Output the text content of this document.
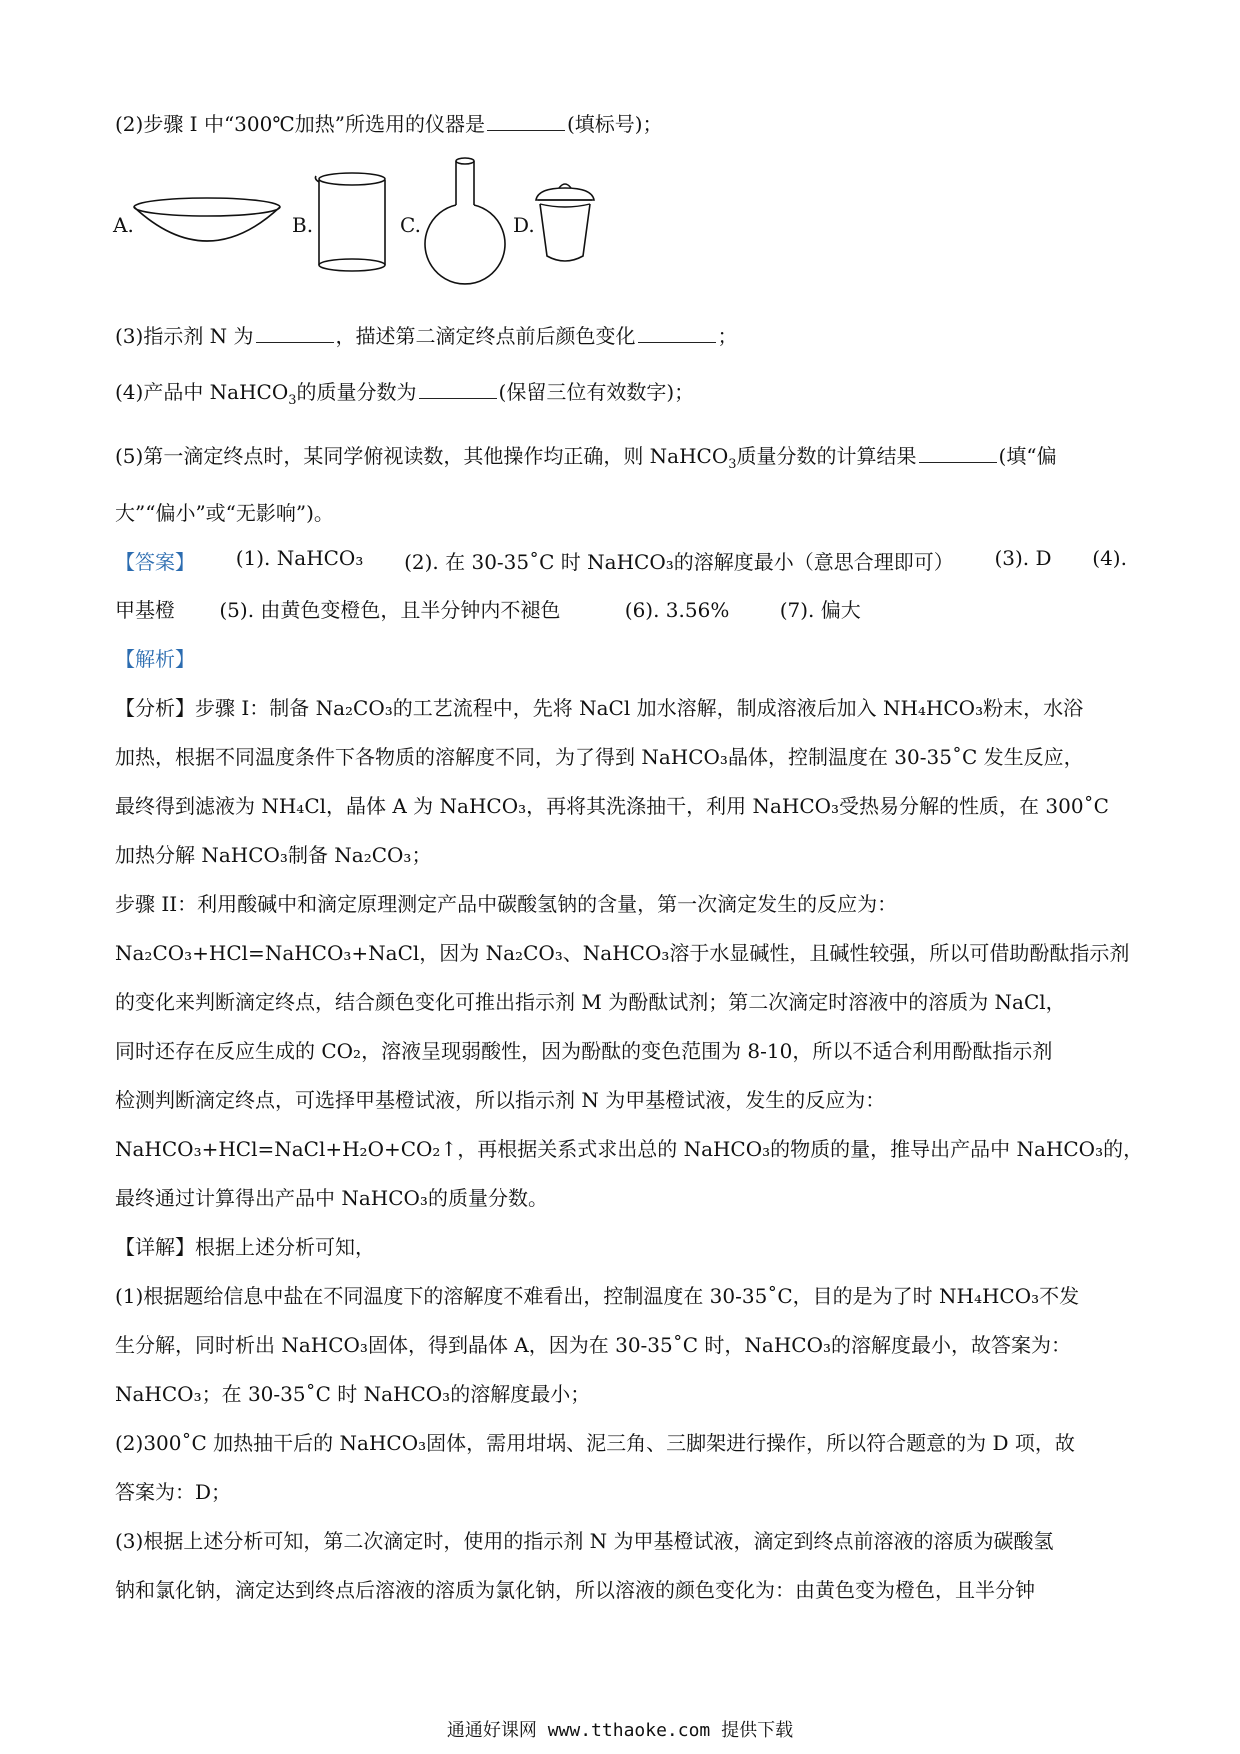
(2)步骤 I 中“300℃加热”所选用的仪器是	(填标号)；
A.	B.	C.	D.
(3)指示剂 N 为	，描述第二滴定终点前后颜色变化	；
(4)产品中 NaHCO$_3$的质量分数为	(保留三位有效数字)；
(5)第一滴定终点时，某同学俯视读数，其他操作均正确，则 NaHCO$_3$质量分数的计算结果	(填“偏
大”“偏小”或“无影响”)。
【答案】 (1). NaHCO₃ (2). 在 30-35˚C 时 NaHCO₃的溶解度最小（意思合理即可） (3). D (4).
甲基橙 (5). 由黄色变橙色，且半分钟内不褪色	(6). 3.56%	(7). 偏大
【解析】
【分析】步骤 I：制备 Na₂CO₃的工艺流程中，先将 NaCl 加水溶解，制成溶液后加入 NH₄HCO₃粉末，水浴
加热，根据不同温度条件下各物质的溶解度不同，为了得到 NaHCO₃晶体，控制温度在 30-35˚C 发生反应，
最终得到滤液为 NH₄Cl，晶体 A 为 NaHCO₃，再将其洗涤抽干，利用 NaHCO₃受热易分解的性质，在 300˚C
加热分解 NaHCO₃制备 Na₂CO₃；
步骤 II：利用酸碱中和滴定原理测定产品中碳酸氢钠的含量，第一次滴定发生的反应为：
Na₂CO₃+HCl=NaHCO₃+NaCl，因为 Na₂CO₃、NaHCO₃溶于水显碱性，且碱性较强，所以可借助酚酞指示剂
的变化来判断滴定终点，结合颜色变化可推出指示剂 M 为酚酞试剂；第二次滴定时溶液中的溶质为 NaCl，
同时还存在反应生成的 CO₂，溶液呈现弱酸性，因为酚酞的变色范围为 8-10，所以不适合利用酚酞指示剂
检测判断滴定终点，可选择甲基橙试液，所以指示剂 N 为甲基橙试液，发生的反应为：
NaHCO₃+HCl=NaCl+H₂O+CO₂↑，再根据关系式求出总的 NaHCO₃的物质的量，推导出产品中 NaHCO₃的，
最终通过计算得出产品中 NaHCO₃的质量分数。
【详解】根据上述分析可知，
(1)根据题给信息中盐在不同温度下的溶解度不难看出，控制温度在 30-35˚C，目的是为了时 NH₄HCO₃不发
生分解，同时析出 NaHCO₃固体，得到晶体 A，因为在 30-35˚C 时，NaHCO₃的溶解度最小，故答案为：
NaHCO₃；在 30-35˚C 时 NaHCO₃的溶解度最小；
(2)300˚C 加热抽干后的 NaHCO₃固体，需用坩埚、泥三角、三脚架进行操作，所以符合题意的为 D 项，故
答案为：D；
(3)根据上述分析可知，第二次滴定时，使用的指示剂 N 为甲基橙试液，滴定到终点前溶液的溶质为碳酸氢
钠和氯化钠，滴定达到终点后溶液的溶质为氯化钠，所以溶液的颜色变化为：由黄色变为橙色，且半分钟
通通好课网 www.tthaoke.com 提供下载
